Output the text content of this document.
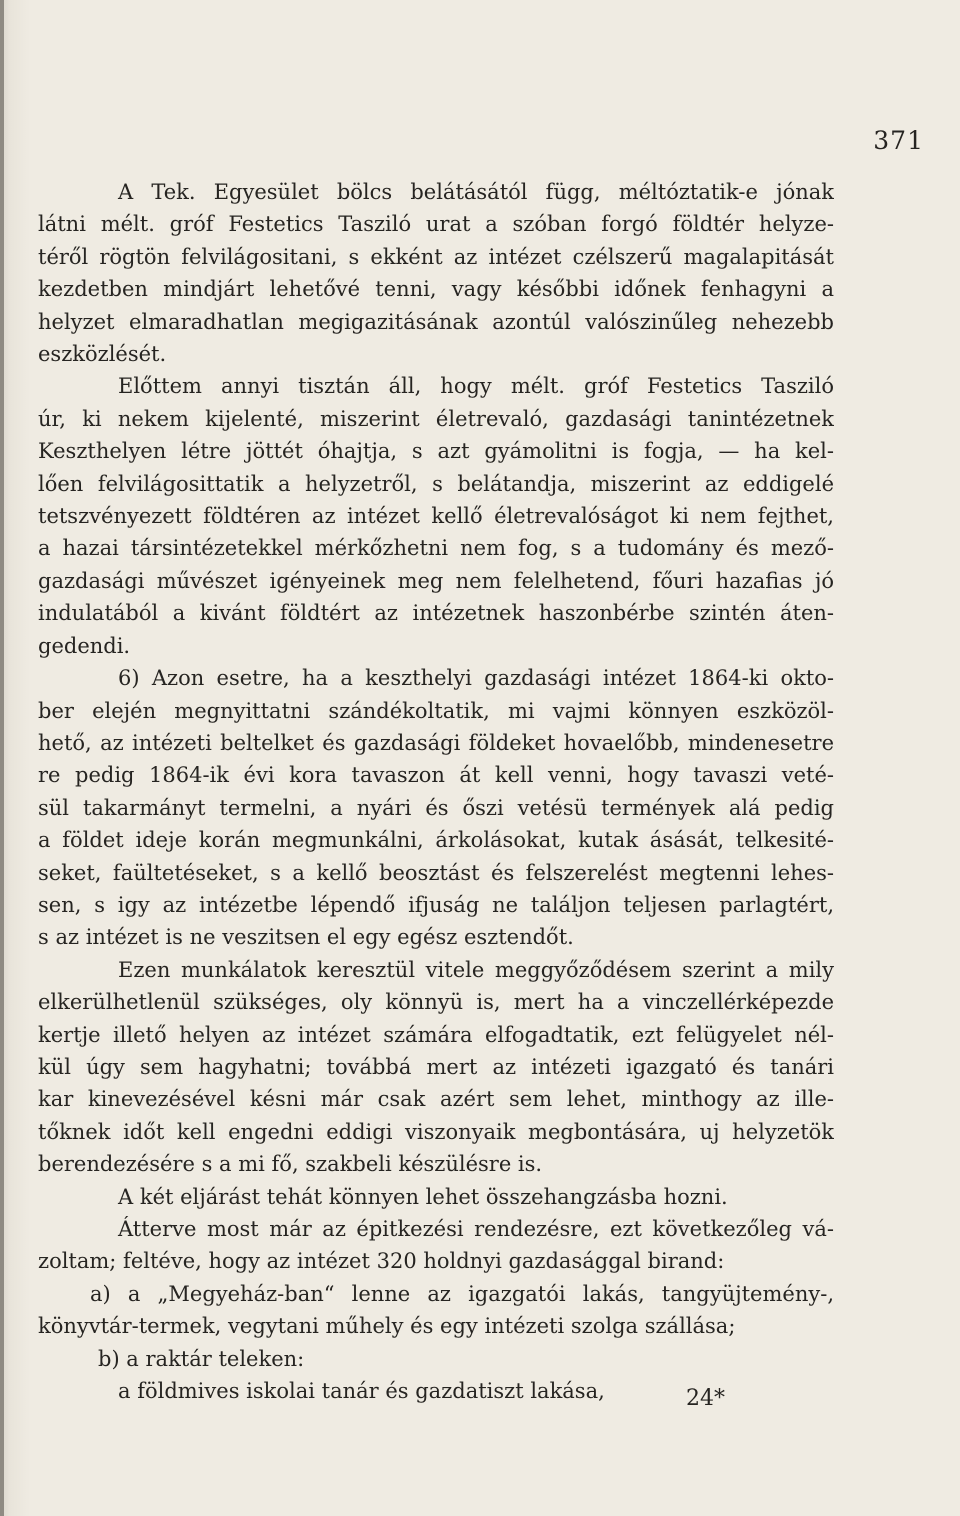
371

A Tek. Egyesület bölcs belátásától függ, méltóztatik-e jónak
látni mélt. gróf Festetics Tasziló urat a szóban forgó földtér helyze-
téről rögtön felvilágositani, s ekként az intézet czélszerű magalapitását
kezdetben mindjárt lehetővé tenni, vagy későbbi időnek fenhagyni a
helyzet elmaradhatlan megigazitásának azontúl valószinűleg nehezebb
eszközlését.

Előttem annyi tisztán áll, hogy mélt. gróf Festetics Tasziló
úr, ki nekem kijelenté, miszerint életrevaló, gazdasági tanintézetnek
Keszthelyen létre jöttét óhajtja, s azt gyámolitni is fogja, — ha kel-
lően felvilágosittatik a helyzetről, s belátandja, miszerint az eddigelé
tetszvényezett földtéren az intézet kellő életrevalóságot ki nem fejthet,
a hazai társintézetekkel mérkőzhetni nem fog, s a tudomány és mező-
gazdasági művészet igényeinek meg nem felelhetend, főuri hazafias jó
indulatából a kivánt földtért az intézetnek haszonbérbe szintén áten-
gedendi.

6) Azon esetre, ha a keszthelyi gazdasági intézet 1864-ki okto-
ber elején megnyittatni szándékoltatik, mi vajmi könnyen eszközöl-
hető, az intézeti beltelket és gazdasági földeket hovaelőbb, mindenesetre
re pedig 1864-ik évi kora tavaszon át kell venni, hogy tavaszi veté-
sül takarmányt termelni, a nyári és őszi vetésü termények alá pedig
a földet ideje korán megmunkálni, árkolásokat, kutak ásását, telkesité-
seket, faültetéseket, s a kellő beosztást és felszerelést megtenni lehes-
sen, s igy az intézetbe lépendő ifjuság ne találjon teljesen parlagtért,
s az intézet is ne veszitsen el egy egész esztendőt.

Ezen munkálatok keresztül vitele meggyőződésem szerint a mily
elkerülhetlenül szükséges, oly könnyü is, mert ha a vinczellérképezde
kertje illető helyen az intézet számára elfogadtatik, ezt felügyelet nél-
kül úgy sem hagyhatni; továbbá mert az intézeti igazgató és tanári
kar kinevezésével késni már csak azért sem lehet, minthogy az ille-
tőknek időt kell engedni eddigi viszonyaik megbontására, uj helyzetök
berendezésére s a mi fő, szakbeli készülésre is.

A két eljárást tehát könnyen lehet összehangzásba hozni.

Átterve most már az épitkezési rendezésre, ezt következőleg vá-
zoltam; feltéve, hogy az intézet 320 holdnyi gazdasággal birand:

a) a „Megyeház-ban“ lenne az igazgatói lakás, tangyüjtemény-,
könyvtár-termek, vegytani műhely és egy intézeti szolga szállása;

b) a raktár teleken:
a földmives iskolai tanár és gazdatiszt lakása,	24*
